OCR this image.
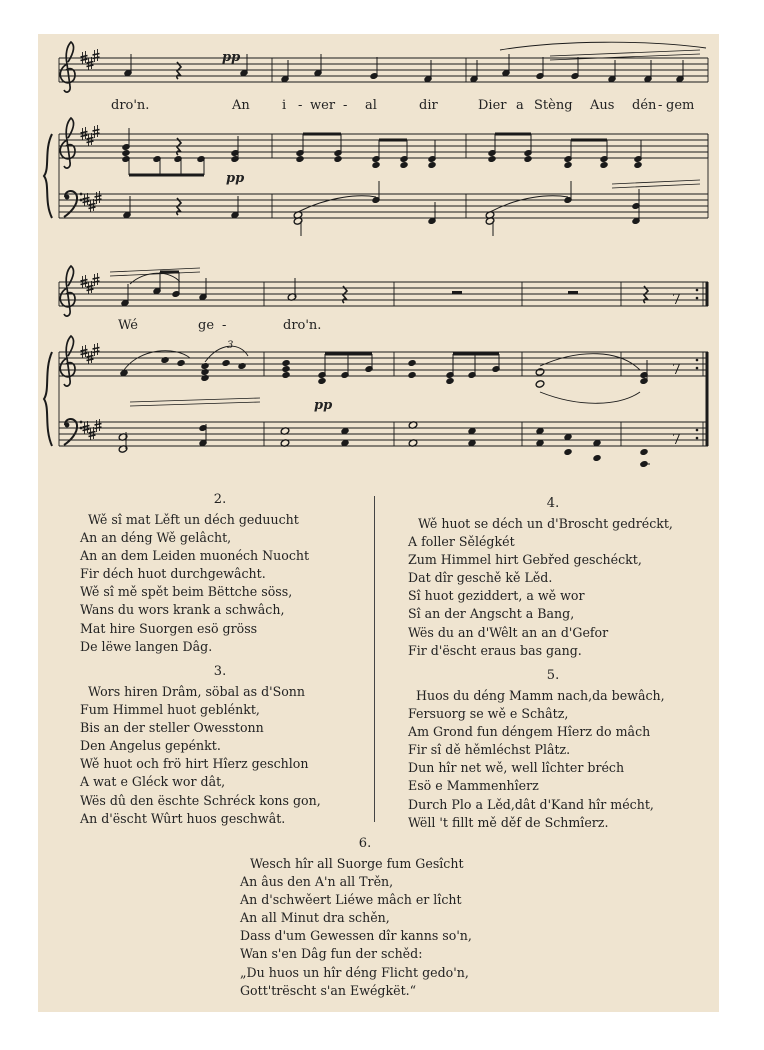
7
3
7
7
pp
pp
pp
dro'n.	An i - wer - al	dir	Dier a Stèng Aus dén - gem
Wé	ge -	dro'n.
2.
Wě sî mat Lěft un déch geduucht
An an déng Wě gelâcht,
An an dem Leiden muonéch Nuocht
Fir déch huot durchgewâcht.
Wě sî mě spět beim Bëttche söss,
Wans du wors krank a schwâch,
Mat hire Suorgen esö gröss
De lëwe langen Dâg.
3.
Wors hiren Drâm, söbal as d'Sonn
Fum Himmel huot geblénkt,
Bis an der steller Owesstonn
Den Angelus gepénkt.
Wě huot och frö hirt Hîerz geschlon
A wat e Gléck wor dât,
Wës dû den ëschte Schréck kons gon,
An d'ëscht Wûrt huos geschwât.
4.
Wě huot se déch un d'Broscht gedréckt,
A foller Sělégkét
Zum Himmel hirt Gebřed geschéckt,
Dat dîr geschě kě Lěd.
Sî huot geziddert, a wě wor
Sî an der Angscht a Bang,
Wës du an d'Wêlt an an d'Gefor
Fir d'ëscht eraus bas gang.
5.
Huos du déng Mamm nach,da bewâch,
Fersuorg se wě e Schâtz,
Am Grond fun déngem Hîerz do mâch
Fir sî dě hěmléchst Plâtz.
Dun hîr net wě, well lîchter bréch
Esö e Mammenhîerz
Durch Plo a Lěd,dât d'Kand hîr mécht,
Wëll 't fillt mě děf de Schmîerz.
6.
Wesch hîr all Suorge fum Gesîcht
An âus den A'n all Trěn,
An d'schwěert Liéwe mâch er lîcht
An all Minut dra schěn,
Dass d'um Gewessen dîr kanns so'n,
Wan s'en Dâg fun der schěd:
„Du huos un hîr déng Flicht gedo'n,
Gott'trëscht s'an Ewégkët.“
